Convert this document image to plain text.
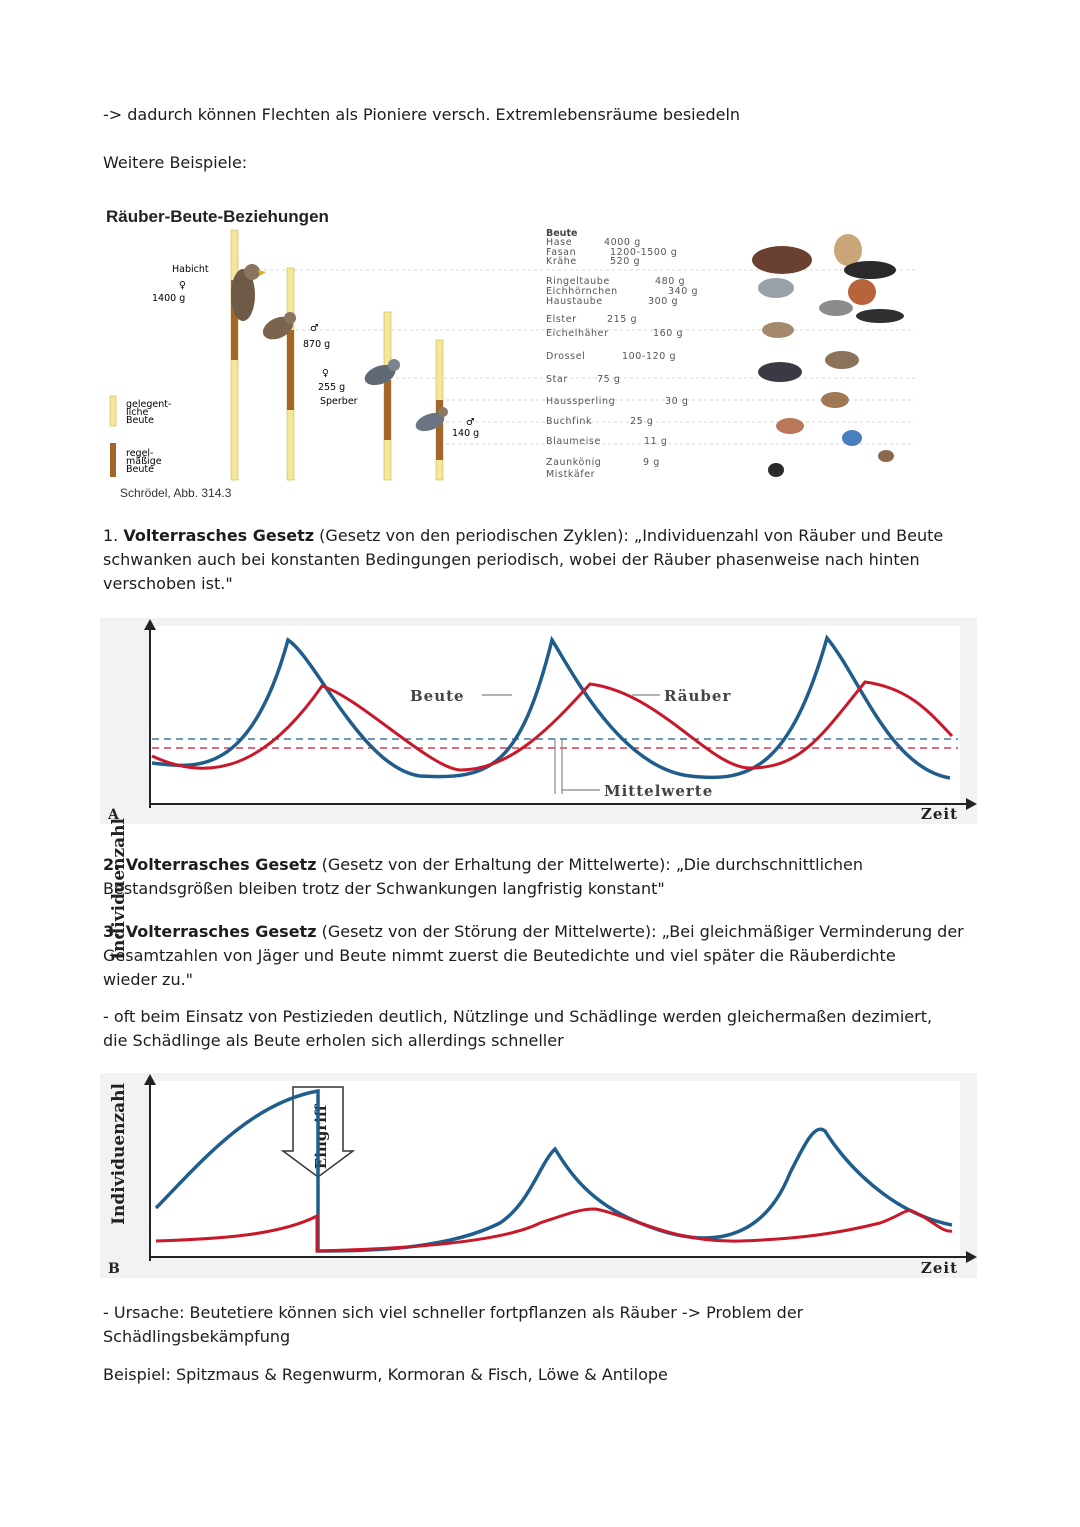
-> dadurch können Flechten als Pioniere versch. Extremlebensräume besiedeln
Weitere Beispiele:
Räuber-Beute-Beziehungen
Habicht
♀
1400 g
♂
870 g
♀
255 g
Sperber
♂
140 g
gelegent-liche Beute
regel-mäßige Beute
Schrödel, Abb. 314.3
Beute
Hase	4000 g
Fasan	1200-1500 g
Krähe	520 g
Ringeltaube	480 g
Eichhörnchen	340 g
Haustaube	300 g
Elster	215 g
Eichelhäher	160 g
Drossel	100-120 g
Star	75 g
Haussperling	30 g
Buchfink	25 g
Blaumeise	11 g
Zaunkönig	9 g
Mistkäfer
1. Volterrasches Gesetz (Gesetz von den periodischen Zyklen): „Individuenzahl von Räuber und Beute
schwanken auch bei konstanten Bedingungen periodisch, wobei der Räuber phasenweise nach hinten
verschoben ist."
Individuenzahl
Beute	Räuber
Mittelwerte
Zeit
A
2. Volterrasches Gesetz (Gesetz von der Erhaltung der Mittelwerte): „Die durchschnittlichen
Bestandsgrößen bleiben trotz der Schwankungen langfristig konstant"
3. Volterrasches Gesetz (Gesetz von der Störung der Mittelwerte): „Bei gleichmäßiger Verminderung der
Gesamtzahlen von Jäger und Beute nimmt zuerst die Beutedichte und viel später die Räuberdichte
wieder zu."
- oft beim Einsatz von Pestizieden deutlich, Nützlinge und Schädlinge werden gleichermaßen dezimiert,
die Schädlinge als Beute erholen sich allerdings schneller
Eingriff
Individuenzahl
Zeit
B
- Ursache: Beutetiere können sich viel schneller fortpflanzen als Räuber -> Problem der
Schädlingsbekämpfung
Beispiel: Spitzmaus & Regenwurm, Kormoran & Fisch, Löwe & Antilope
